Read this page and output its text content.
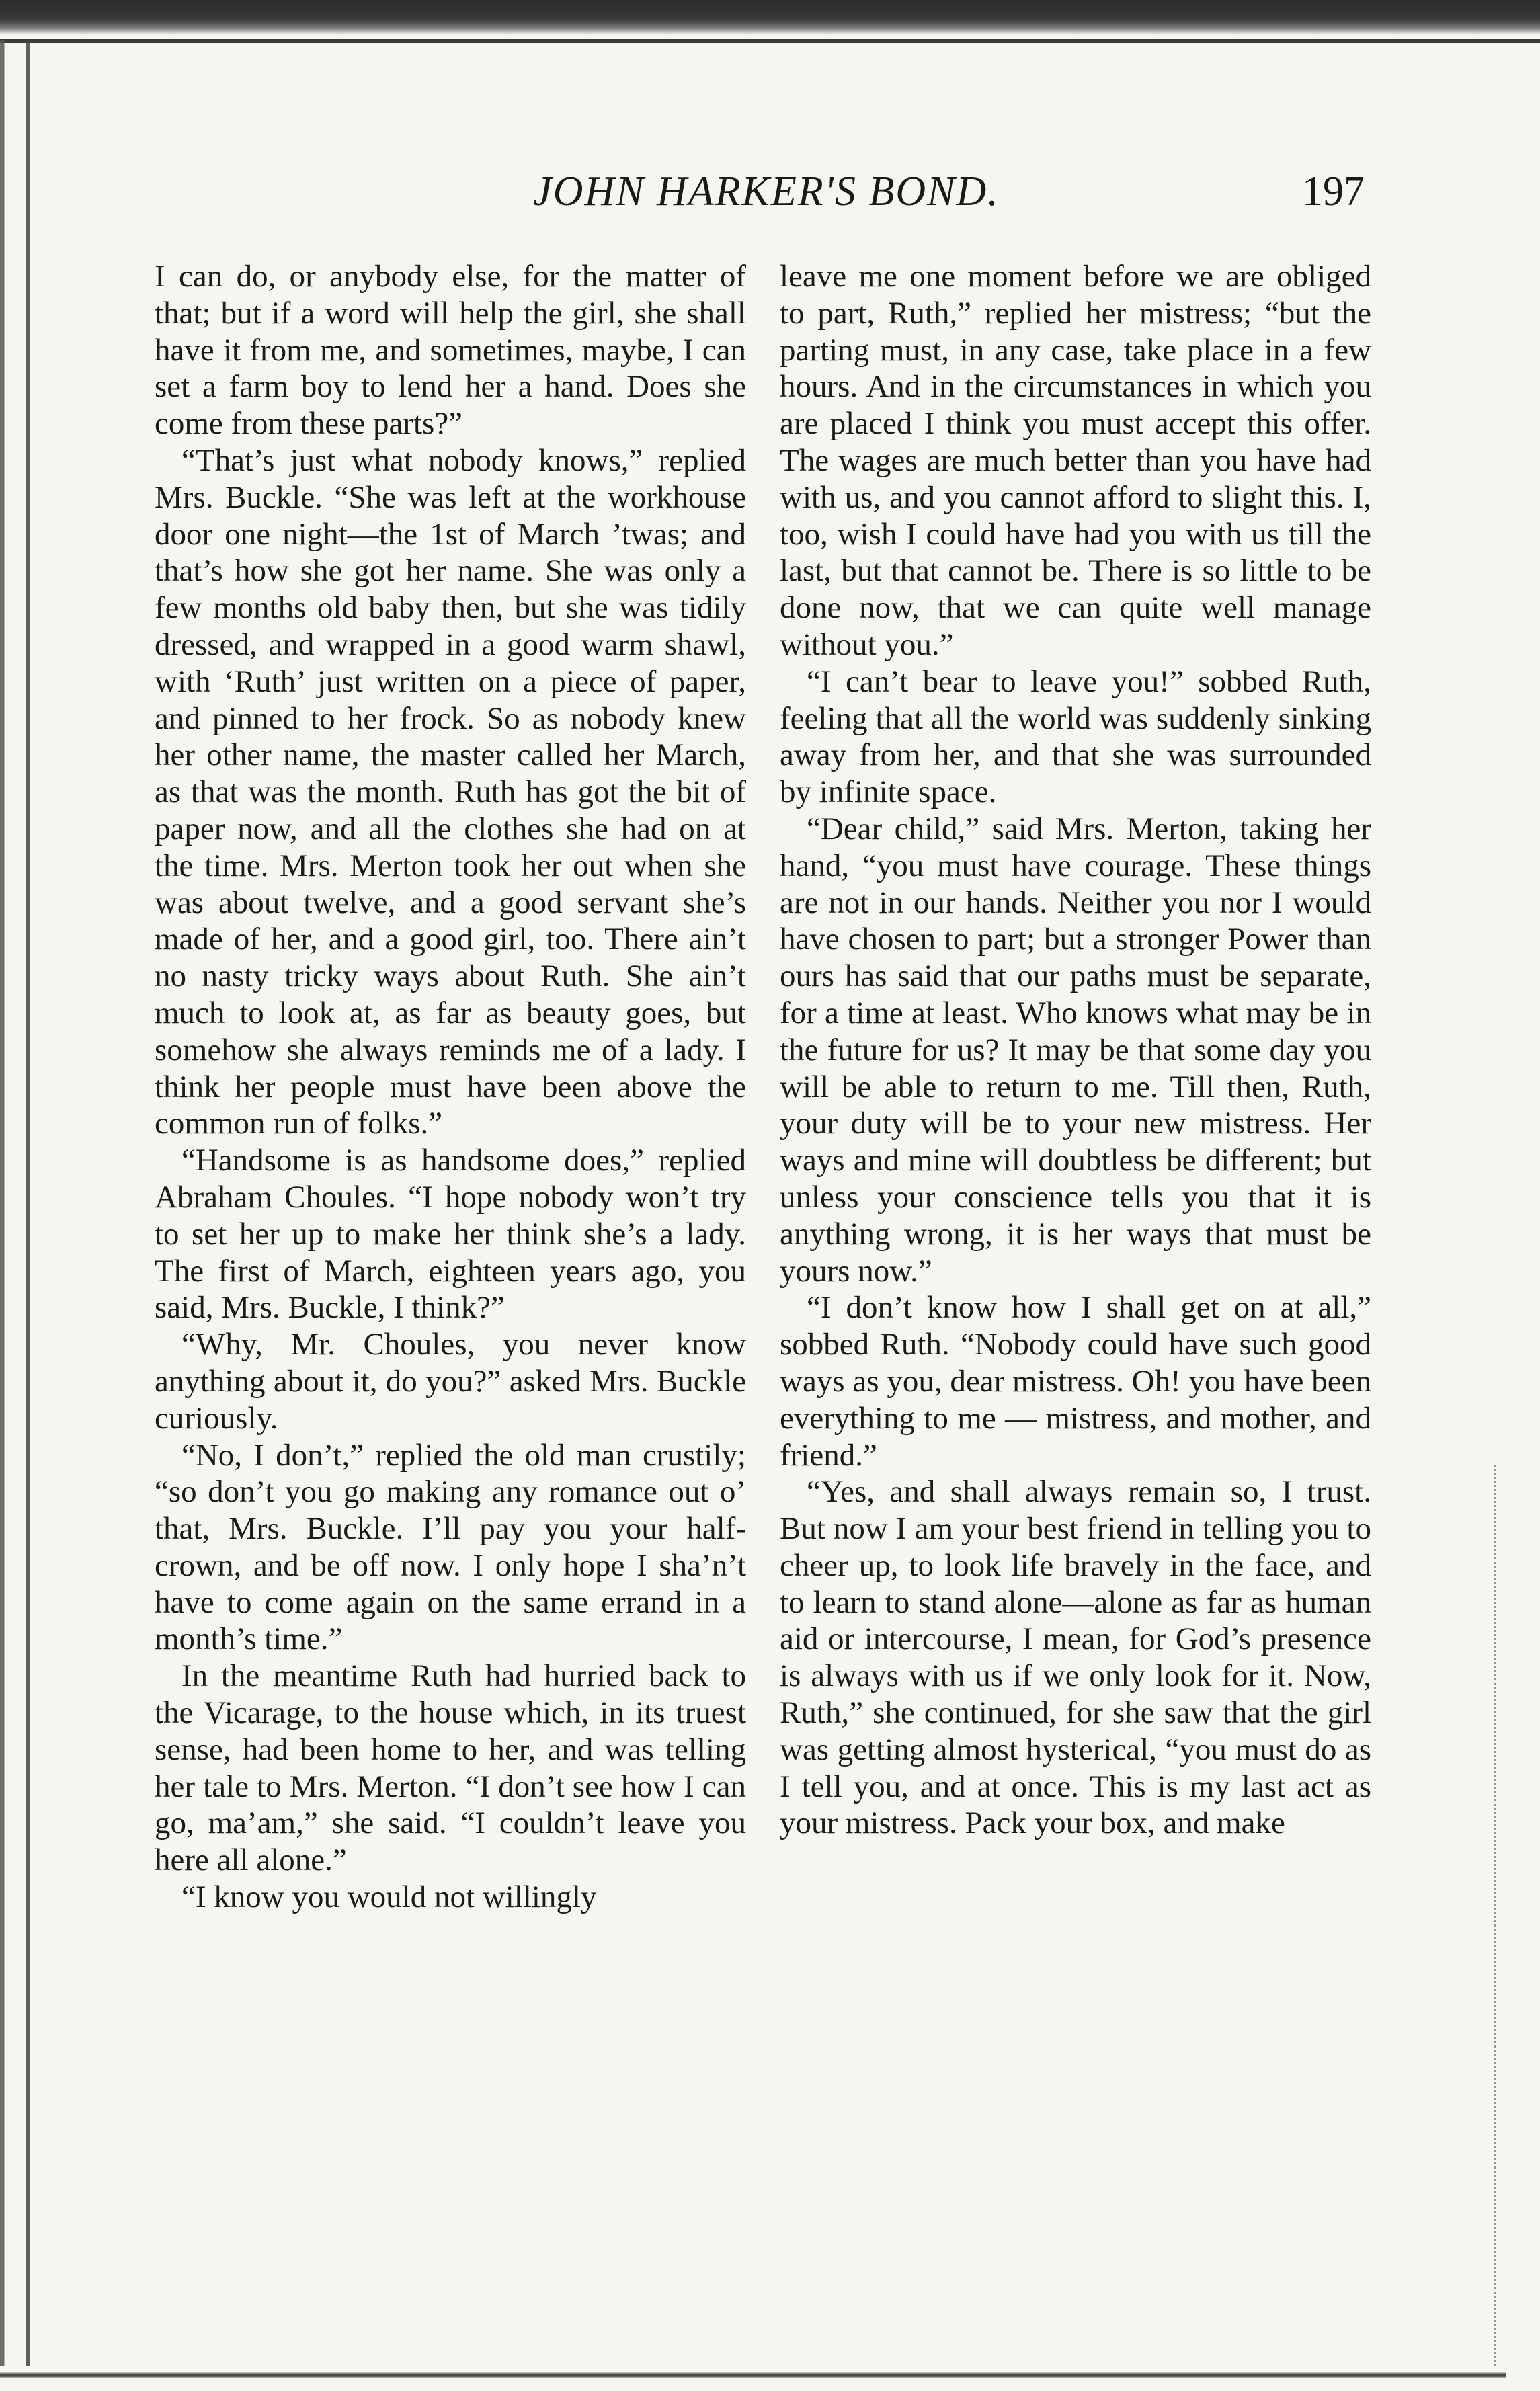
JOHN HARKER'S BOND.	197

I can do, or anybody else, for the matter of that; but if a word will help the girl, she shall have it from me, and sometimes, maybe, I can set a farm boy to lend her a hand. Does she come from these parts?”

“That’s just what nobody knows,” replied Mrs. Buckle. “She was left at the workhouse door one night—the 1st of March ’twas; and that’s how she got her name. She was only a few months old baby then, but she was tidily dressed, and wrapped in a good warm shawl, with ‘Ruth’ just written on a piece of paper, and pinned to her frock. So as nobody knew her other name, the master called her March, as that was the month. Ruth has got the bit of paper now, and all the clothes she had on at the time. Mrs. Merton took her out when she was about twelve, and a good servant she’s made of her, and a good girl, too. There ain’t no nasty tricky ways about Ruth. She ain’t much to look at, as far as beauty goes, but somehow she always reminds me of a lady. I think her people must have been above the common run of folks.”

“Handsome is as handsome does,” replied Abraham Choules. “I hope nobody won’t try to set her up to make her think she’s a lady. The first of March, eighteen years ago, you said, Mrs. Buckle, I think?”

“Why, Mr. Choules, you never know anything about it, do you?” asked Mrs. Buckle curiously.

“No, I don’t,” replied the old man crustily; “so don’t you go making any romance out o’ that, Mrs. Buckle. I’ll pay you your half-crown, and be off now. I only hope I sha’n’t have to come again on the same errand in a month’s time.”

In the meantime Ruth had hurried back to the Vicarage, to the house which, in its truest sense, had been home to her, and was telling her tale to Mrs. Merton. “I don’t see how I can go, ma’am,” she said. “I couldn’t leave you here all alone.”

“I know you would not willingly

leave me one moment before we are obliged to part, Ruth,” replied her mistress; “but the parting must, in any case, take place in a few hours. And in the circumstances in which you are placed I think you must accept this offer. The wages are much better than you have had with us, and you cannot afford to slight this. I, too, wish I could have had you with us till the last, but that cannot be. There is so little to be done now, that we can quite well manage without you.”

“I can’t bear to leave you!” sobbed Ruth, feeling that all the world was suddenly sinking away from her, and that she was surrounded by infinite space.

“Dear child,” said Mrs. Merton, taking her hand, “you must have courage. These things are not in our hands. Neither you nor I would have chosen to part; but a stronger Power than ours has said that our paths must be separate, for a time at least. Who knows what may be in the future for us? It may be that some day you will be able to return to me. Till then, Ruth, your duty will be to your new mistress. Her ways and mine will doubtless be different; but unless your conscience tells you that it is anything wrong, it is her ways that must be yours now.”

“I don’t know how I shall get on at all,” sobbed Ruth. “Nobody could have such good ways as you, dear mistress. Oh! you have been everything to me — mistress, and mother, and friend.”

“Yes, and shall always remain so, I trust. But now I am your best friend in telling you to cheer up, to look life bravely in the face, and to learn to stand alone—alone as far as human aid or intercourse, I mean, for God’s presence is always with us if we only look for it. Now, Ruth,” she continued, for she saw that the girl was getting almost hysterical, “you must do as I tell you, and at once. This is my last act as your mistress. Pack your box, and make
